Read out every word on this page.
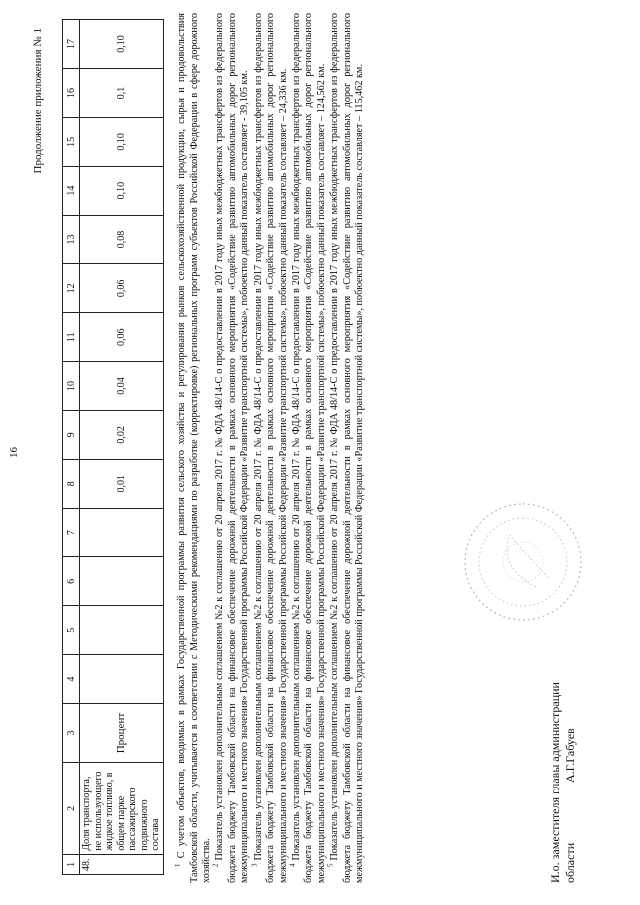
16
Продолжение приложения № 1
1	2	3	4	5	6	7	8	9	10	11	12	13	14	15	16	17
48.	Доля транспорта, не использующего жидкое топливо, в общем парке пассажирского подвижного состава	Процент					0,01	0,02	0,04	0,06	0,06	0,08	0,10	0,10	0,1	0,10

$^1$ С учетом объектов, вводимых в рамках Государственной программы развития сельского хозяйства и регулирования рынков сельскохозяйственной продукции, сырья и продовольствия Тамбовской области, учитывается в соответствии с Методическими рекомендациями по разработке (корректировке) региональных программ субъектов Российской Федерации в сфере дорожного хозяйства. $^2$ Показатель установлен дополнительным соглашением №2 к соглашению от 20 апреля 2017 г. № ФДА 48/14-С о предоставлении в 2017 году иных межбюджетных трансфертов из федерального бюджета бюджету Тамбовской области на финансовое обеспечение дорожной деятельности в рамках основного мероприятия «Содействие развитию автомобильных дорог регионального межмуниципального и местного значения» Государственной программы Российской Федерации «Развитие транспортной системы», побюектно данный показатель составляет - 39,105 км. $^3$ Показатель установлен дополнительным соглашением №2 к соглашению от 20 апреля 2017 г. № ФДА 48/14-С о предоставлении в 2017 году иных межбюджетных трансфертов из федерального бюджета бюджету Тамбовской области на финансовое обеспечение дорожной деятельности в рамках основного мероприятия «Содействие развитию автомобильных дорог регионального межмуниципального и местного значения» Государственной программы Российской Федерации «Развитие транспортной системы», побюектно данный показатель составляет – 24,336 км. $^4$ Показатель установлен дополнительным соглашением №2 к соглашению от 20 апреля 2017 г. № ФДА 48/14-С о предоставлении в 2017 году иных межбюджетных трансфертов из федерального бюджета бюджету Тамбовской области на финансовое обеспечение дорожной деятельности в рамках основного мероприятия «Содействие развитию автомобильных дорог регионального межмуниципального и местного значения» Государственной программы Российской Федерации «Развитие транспортной системы», побюектно данный показатель составляет – 124,562 км. $^5$ Показатель установлен дополнительным соглашением №2 к соглашению от 20 апреля 2017 г. № ФДА 48/14-С о предоставлении в 2017 году иных межбюджетных трансфертов из федерального бюджета бюджету Тамбовской области на финансовое обеспечение дорожной деятельности в рамках основного мероприятия «Содействие развитию автомобильных дорог регионального межмуниципального и местного значения» Государственной программы Российской Федерации «Развитие транспортной системы», побюектно данный показатель составляет – 115,462 км.	И.о. заместителя главы администрации области
А.Г.Габуев
